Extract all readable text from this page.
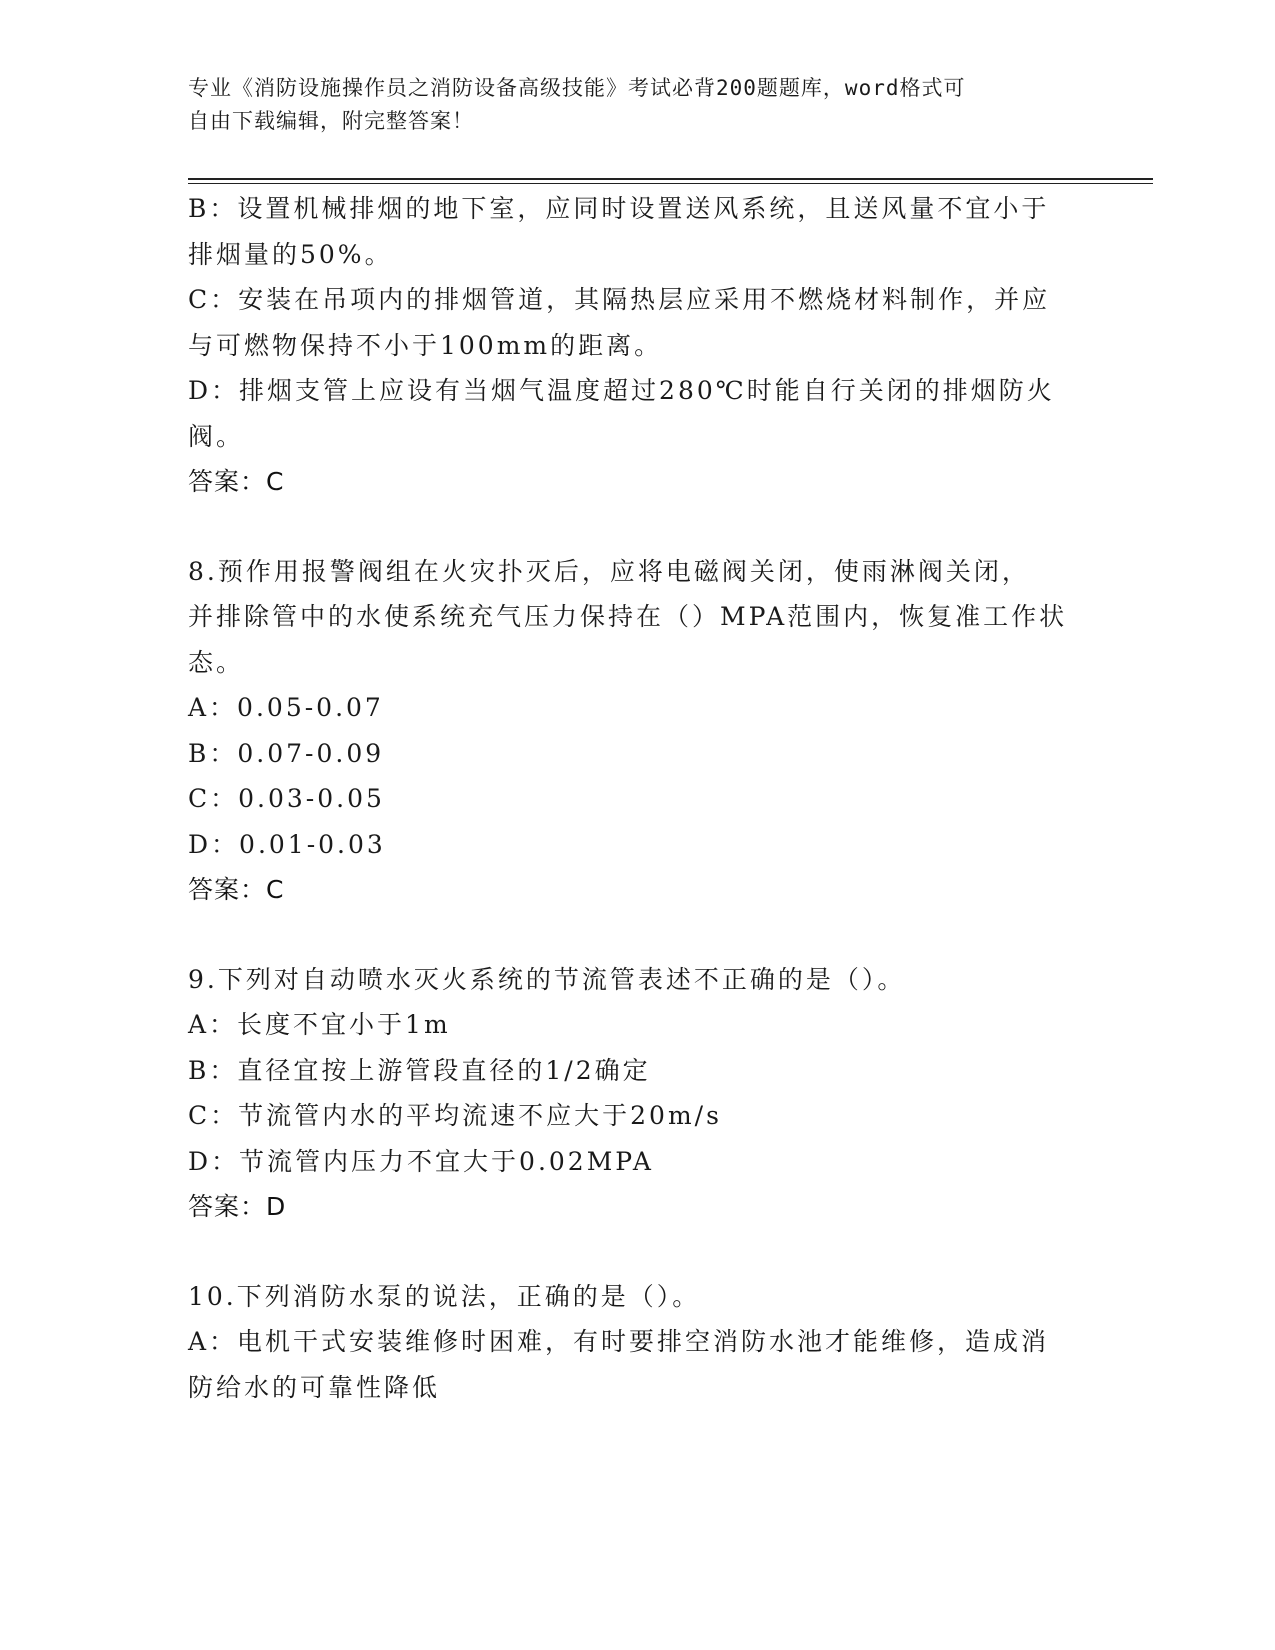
专业《消防设施操作员之消防设备高级技能》考试必背200题题库，word格式可
自由下载编辑，附完整答案！
B：设置机械排烟的地下室，应同时设置送风系统，且送风量不宜小于
排烟量的50%。
C：安装在吊项内的排烟管道，其隔热层应采用不燃烧材料制作，并应
与可燃物保持不小于100mm的距离。
D：排烟支管上应设有当烟气温度超过280℃时能自行关闭的排烟防火
阀。
答案：C
8.预作用报警阀组在火灾扑灭后，应将电磁阀关闭，使雨淋阀关闭，
并排除管中的水使系统充气压力保持在（）MPA范围内，恢复准工作状
态。
A：0.05-0.07
B：0.07-0.09
C：0.03-0.05
D：0.01-0.03
答案：C
9.下列对自动喷水灭火系统的节流管表述不正确的是（）。
A：长度不宜小于1m
B：直径宜按上游管段直径的1/2确定
C：节流管内水的平均流速不应大于20m/s
D：节流管内压力不宜大于0.02MPA
答案：D
10.下列消防水泵的说法，正确的是（）。
A：电机干式安装维修时困难，有时要排空消防水池才能维修，造成消
防给水的可靠性降低
